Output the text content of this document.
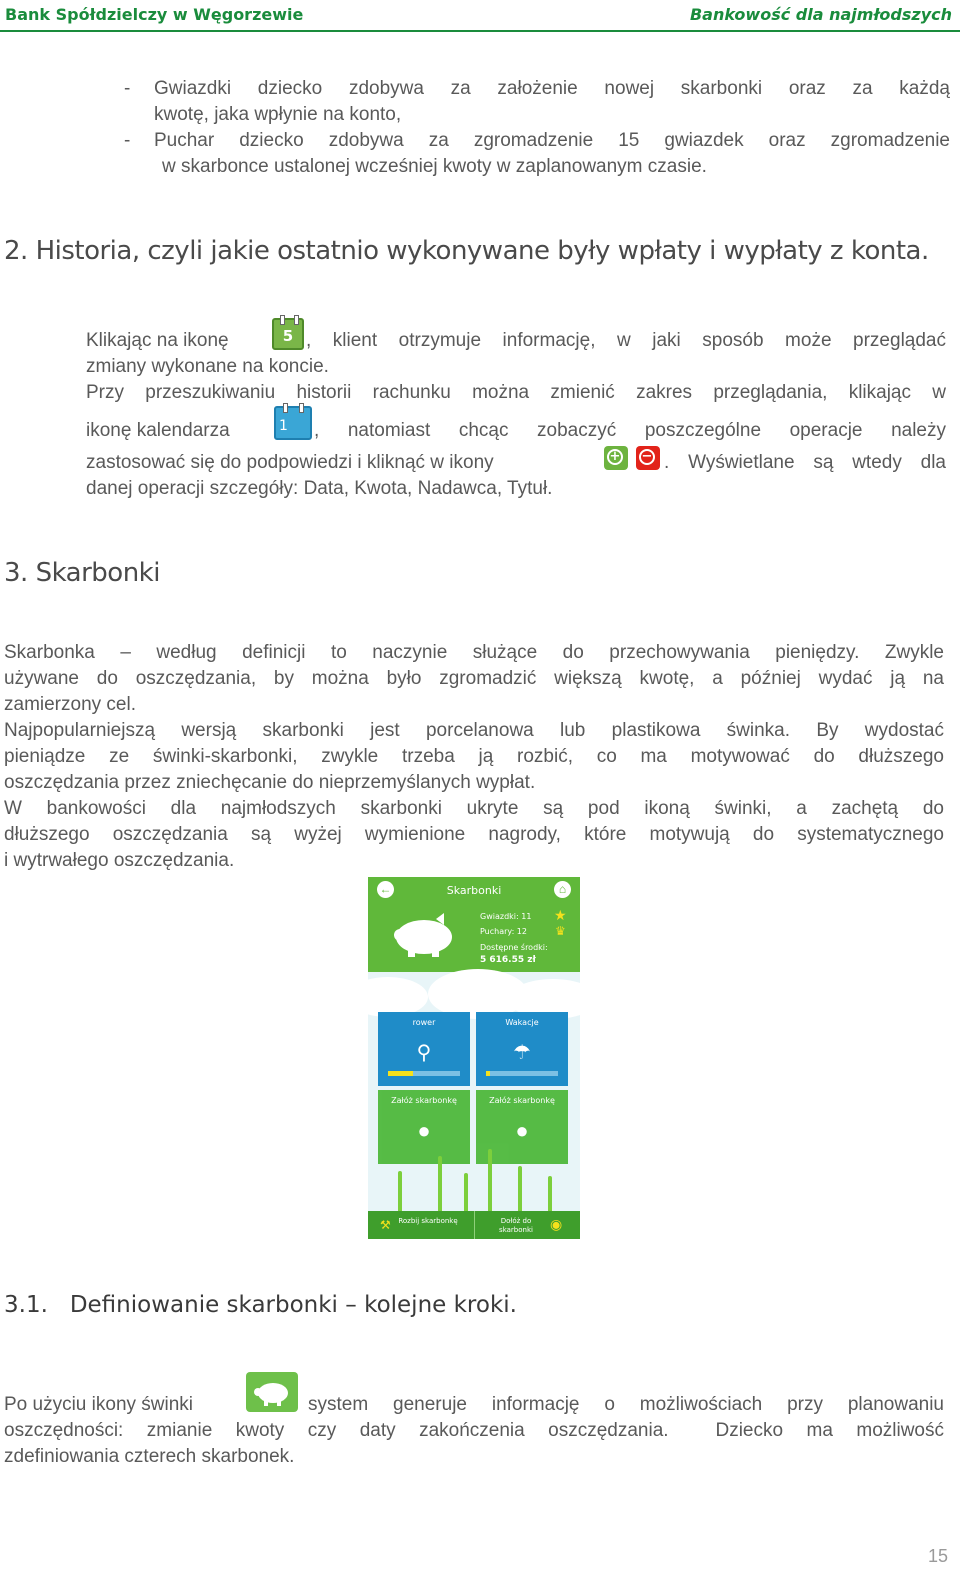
Bank Spółdzielczy w Węgorzewie	Bankowość dla najmłodszych
- Gwiazdki dziecko zdobywa za założenie nowej skarbonki oraz za każdą
kwotę, jaka wpłynie na konto,
- Puchar dziecko zdobywa za zgromadzenie 15 gwiazdek oraz zgromadzenie
w skarbonce ustalonej wcześniej kwoty w zaplanowanym czasie.
2. Historia, czyli jakie ostatnio wykonywane były wpłaty i wypłaty z konta.
Klikając na ikonę	5 , klient otrzymuje informację, w jaki sposób może przeglądać
zmiany wykonane na koncie.
Przy przeszukiwaniu historii rachunku można zmienić zakres przeglądania, klikając w
ikonę kalendarza	1 , natomiast chcąc zobaczyć poszczególne operacje należy
zastosować się do podpowiedzi i kliknąć w ikony	+ − . Wyświetlane są wtedy dla
danej operacji szczegóły: Data, Kwota, Nadawca, Tytuł.
3. Skarbonki
Skarbonka – według definicji to naczynie służące do przechowywania pieniędzy. Zwykle
używane do oszczędzania, by można było zgromadzić większą kwotę, a później wydać ją na
zamierzony cel.
Najpopularniejszą wersją skarbonki jest porcelanowa lub plastikowa świnka. By wydostać
pieniądze ze świnki-skarbonki, zwykle trzeba ją rozbić, co ma motywować do dłuższego
oszczędzania przez zniechęcanie do nieprzemyślanych wypłat.
W bankowości dla najmłodszych skarbonki ukryte są pod ikoną świnki, a zachętą do
dłuższego oszczędzania są wyżej wymienione nagrody, które motywują do systematycznego
i wytrwałego oszczędzania.
←	Skarbonki	⌂
Gwiazdki: 11
Puchary: 12
Dostępne środki:
5 616.55 zł
★
♛
rower
⚲
Wakacje
☂
Załóż skarbonkę
●
Załóż skarbonkę
●
⚒ Rozbij skarbonkę	Dołóż do skarbonki	◉
3.1.   Definiowanie skarbonki – kolejne kroki.
Po użyciu ikony świnki	system generuje informację o możliwościach przy planowaniu
oszczędności: zmianie kwoty czy daty zakończenia oszczędzania.  Dziecko ma możliwość
zdefiniowania czterech skarbonek.
15
